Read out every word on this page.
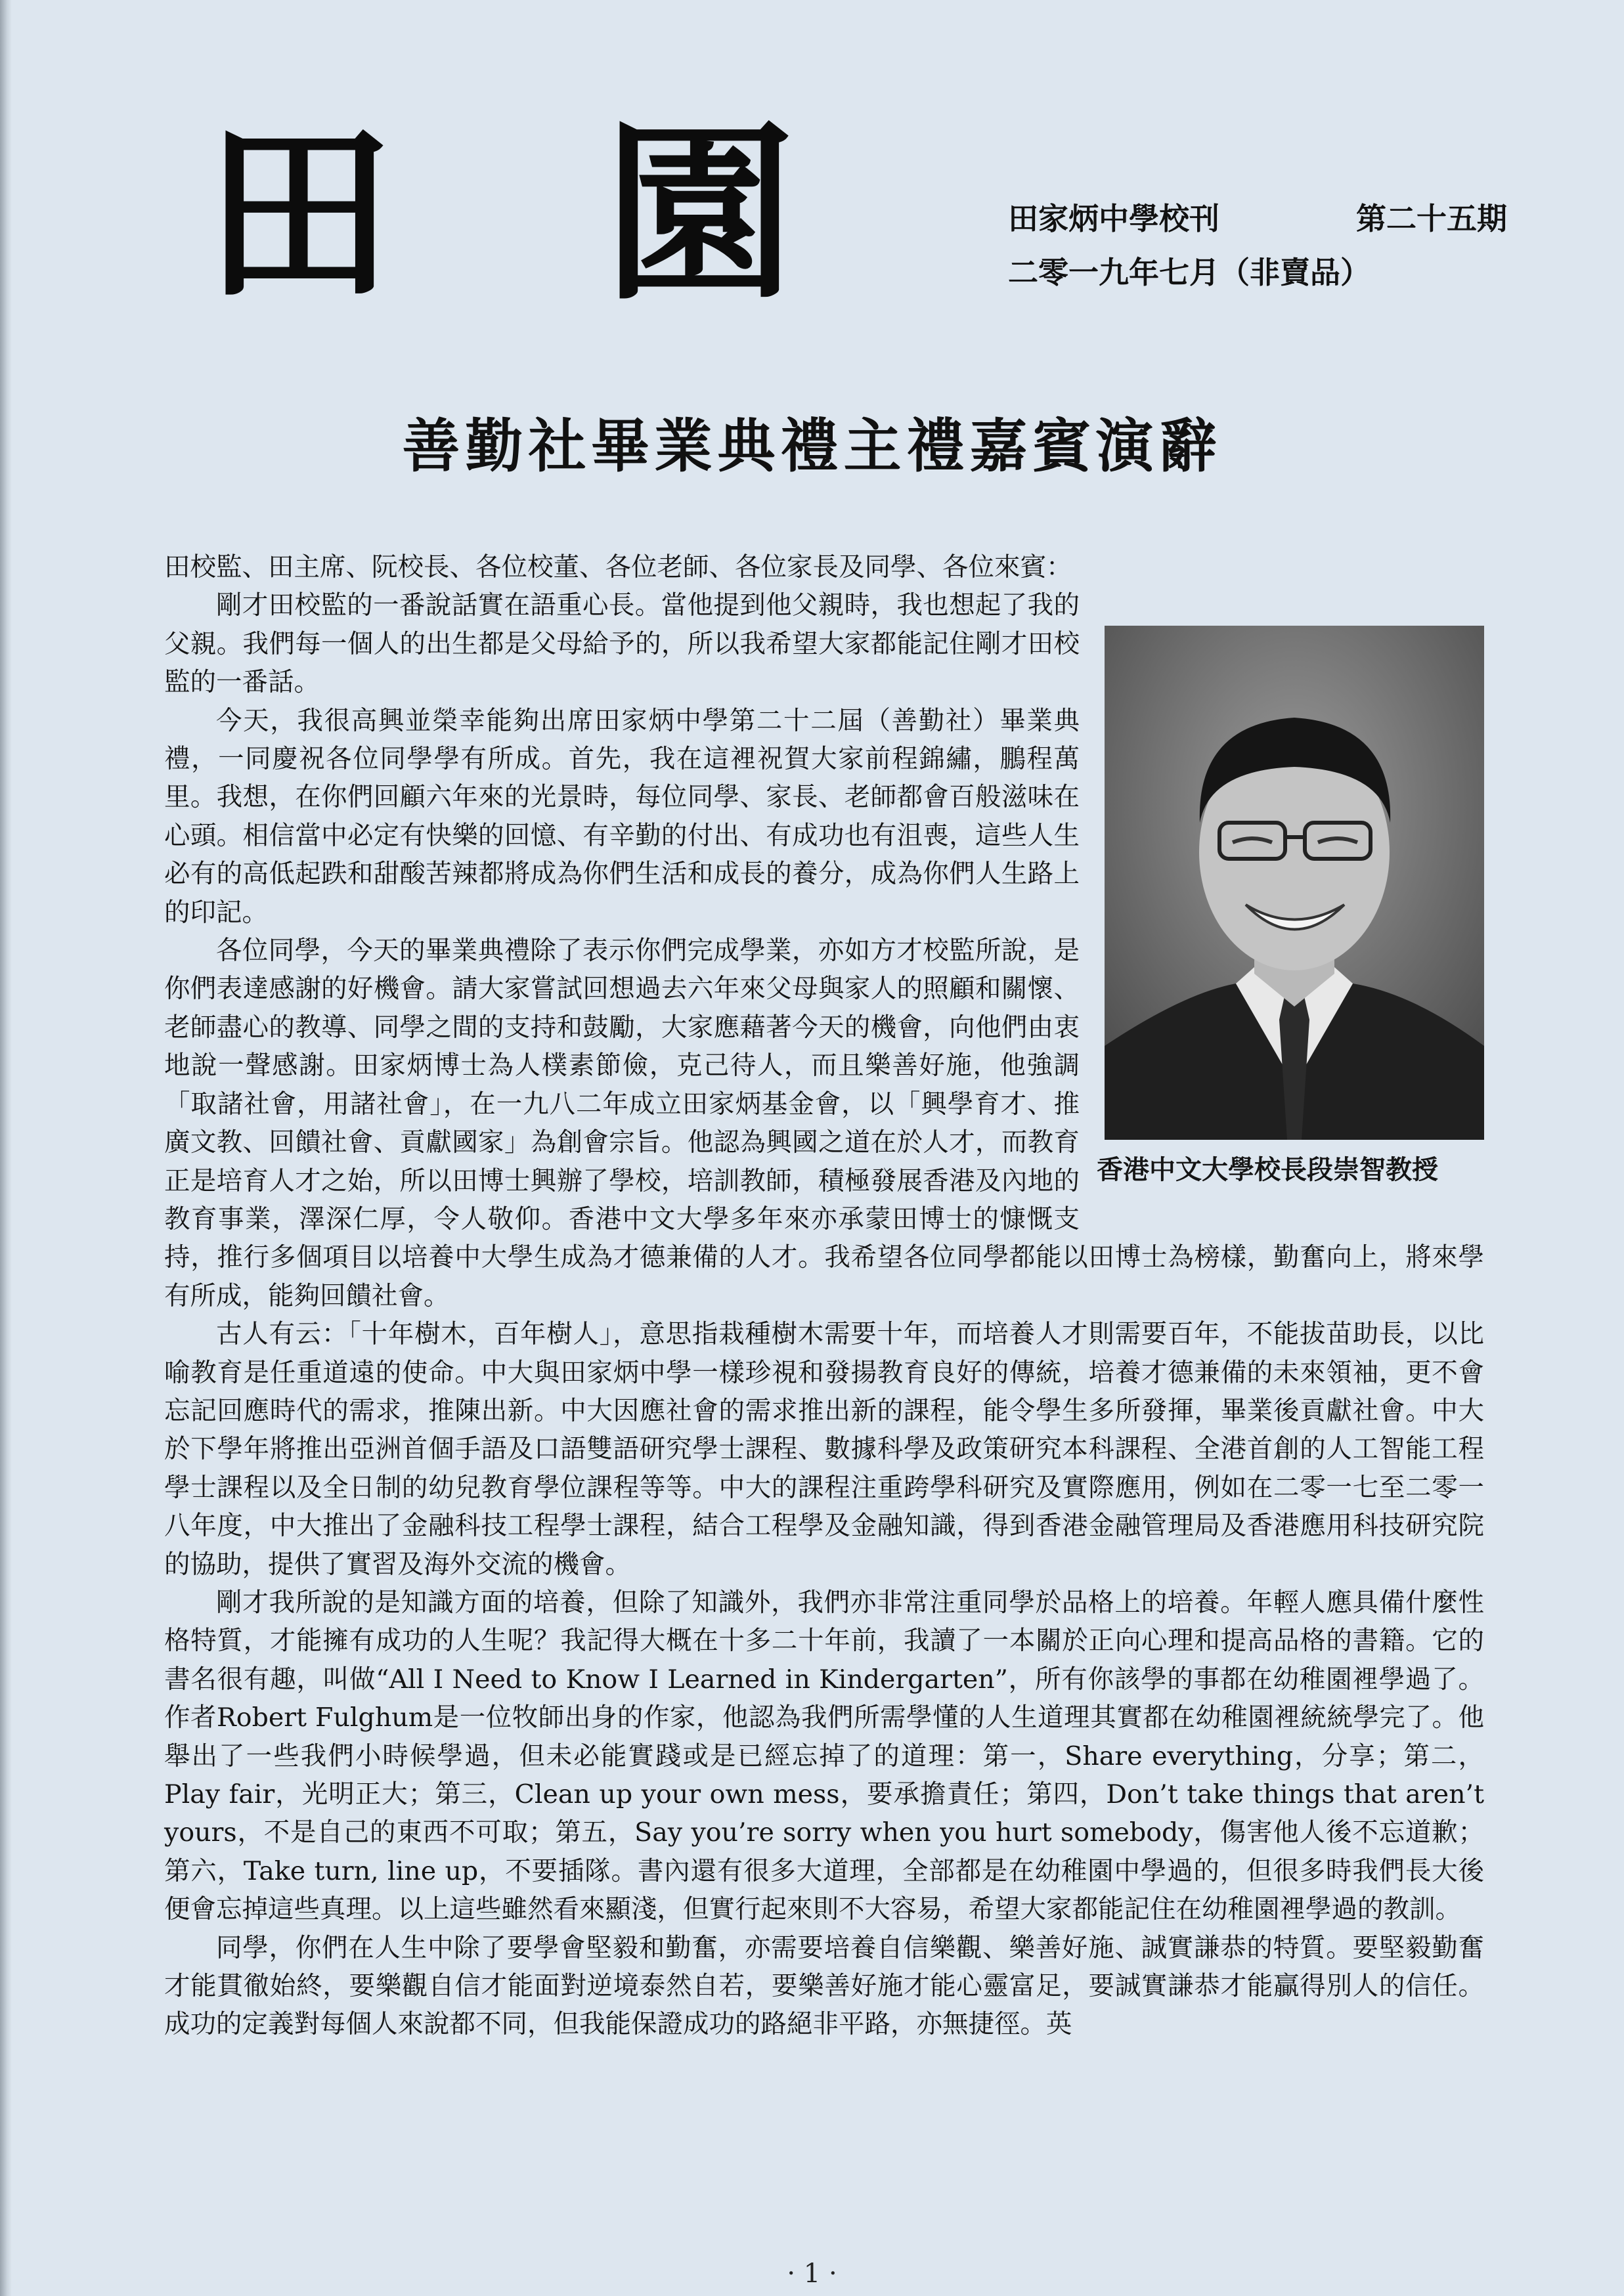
田 園	田家炳中學校刊	第二十五期
二零一九年七月（非賣品）
善勤社畢業典禮主禮嘉賓演辭

田校監、田主席、阮校長、各位校董、各位老師、各位家長及同學、各位來賓：

香港中文大學校長段崇智教授

剛才田校監的一番說話實在語重心長。當他提到他父親時，我也想起了我的父親。我們每一個人的出生都是父母給予的，所以我希望大家都能記住剛才田校監的一番話。

今天，我很高興並榮幸能夠出席田家炳中學第二十二屆（善勤社）畢業典禮，一同慶祝各位同學學有所成。首先，我在這裡祝賀大家前程錦繡，鵬程萬里。我想，在你們回顧六年來的光景時，每位同學、家長、老師都會百般滋味在心頭。相信當中必定有快樂的回憶、有辛勤的付出、有成功也有沮喪，這些人生必有的高低起跌和甜酸苦辣都將成為你們生活和成長的養分，成為你們人生路上的印記。

各位同學，今天的畢業典禮除了表示你們完成學業，亦如方才校監所說，是你們表達感謝的好機會。請大家嘗試回想過去六年來父母與家人的照顧和關懷、老師盡心的教導、同學之間的支持和鼓勵，大家應藉著今天的機會，向他們由衷地說一聲感謝。田家炳博士為人樸素節儉，克己待人，而且樂善好施，他強調「取諸社會，用諸社會」，在一九八二年成立田家炳基金會，以「興學育才、推廣文教、回饋社會、貢獻國家」為創會宗旨。他認為興國之道在於人才，而教育正是培育人才之始，所以田博士興辦了學校，培訓教師，積極發展香港及內地的教育事業，澤深仁厚，令人敬仰。香港中文大學多年來亦承蒙田博士的慷慨支持，推行多個項目以培養中大學生成為才德兼備的人才。我希望各位同學都能以田博士為榜樣，勤奮向上，將來學有所成，能夠回饋社會。

古人有云：「十年樹木，百年樹人」，意思指栽種樹木需要十年，而培養人才則需要百年，不能拔苗助長，以比喻教育是任重道遠的使命。中大與田家炳中學一樣珍視和發揚教育良好的傳統，培養才德兼備的未來領袖，更不會忘記回應時代的需求，推陳出新。中大因應社會的需求推出新的課程，能令學生多所發揮，畢業後貢獻社會。中大於下學年將推出亞洲首個手語及口語雙語研究學士課程、數據科學及政策研究本科課程、全港首創的人工智能工程學士課程以及全日制的幼兒教育學位課程等等。中大的課程注重跨學科研究及實際應用，例如在二零一七至二零一八年度，中大推出了金融科技工程學士課程，結合工程學及金融知識，得到香港金融管理局及香港應用科技研究院的協助，提供了實習及海外交流的機會。

剛才我所說的是知識方面的培養，但除了知識外，我們亦非常注重同學於品格上的培養。年輕人應具備什麼性格特質，才能擁有成功的人生呢？我記得大概在十多二十年前，我讀了一本關於正向心理和提高品格的書籍。它的書名很有趣，叫做“All I Need to Know I Learned in Kindergarten”，所有你該學的事都在幼稚園裡學過了。作者Robert Fulghum是一位牧師出身的作家，他認為我們所需學懂的人生道理其實都在幼稚園裡統統學完了。他舉出了一些我們小時候學過，但未必能實踐或是已經忘掉了的道理：第一，Share everything，分享；第二，Play fair，光明正大；第三，Clean up your own mess，要承擔責任；第四，Don’t take things that aren’t yours，不是自己的東西不可取；第五，Say you’re sorry when you hurt somebody，傷害他人後不忘道歉；第六，Take turn, line up，不要插隊。書內還有很多大道理，全部都是在幼稚園中學過的，但很多時我們長大後便會忘掉這些真理。以上這些雖然看來顯淺，但實行起來則不大容易，希望大家都能記住在幼稚園裡學過的教訓。

同學，你們在人生中除了要學會堅毅和勤奮，亦需要培養自信樂觀、樂善好施、誠實謙恭的特質。要堅毅勤奮才能貫徹始終，要樂觀自信才能面對逆境泰然自若，要樂善好施才能心靈富足，要誠實謙恭才能贏得別人的信任。成功的定義對每個人來說都不同，但我能保證成功的路絕非平路，亦無捷徑。英

· 1 ·
